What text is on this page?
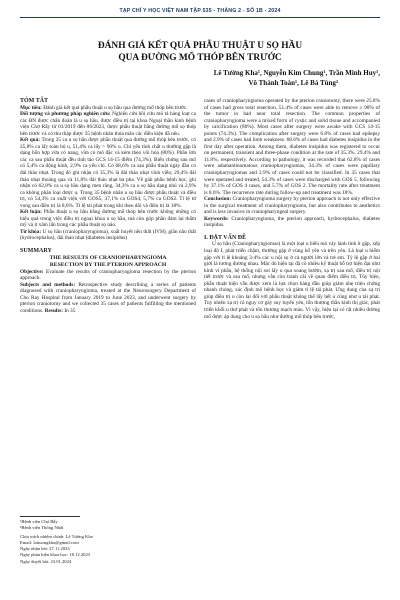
TẠP CHÍ Y HỌC VIỆT NAM TẬP 535 - THÁNG 2 - SỐ 1B - 2024
ĐÁNH GIÁ KẾT QUẢ PHẪU THUẬT U SỌ HẦU
QUA ĐƯỜNG MỔ THÓP BÊN TRƯỚC
Lê Tường Kha¹, Nguyễn Kim Chung¹, Trần Minh Huy¹,
Võ Thành Toàn¹, Lê Bá Tùng²

TÓM TẮT

Mục tiêu: Đánh giá kết quả phẫu thuật u sọ hầu qua đường mổ thóp bên trước.

Đối tượng và phương pháp nghiên cứu: Nghiên cứu hồi cứu mô tả hàng loạt ca các BN được chẩn đoán là u sọ hầu, được điều trị tại khoa Ngoại thần kinh bệnh viện Chợ Rẫy từ 01/2019 đến 06/2023, được phẫu thuật bằng đường mổ sọ thóp bên trước và có thu thập được 35 bệnh nhân thỏa mãn các điều kiện đã nêu.

Kết quả: Trong 35 ca u sọ hầu được phẫu thuật qua đường mổ thóp bên trước, có 25,8% ca lấy toàn bộ u, 51,4% ca lấy > 90% u. Chỉ yếu tính chất u thường gặp là dạng hỗn hợp vừa có nang, vừa có mô đặc và kèm theo vôi hóa (80%). Phần lớn các ca sau phẫu thuật đều tỉnh táo GCS 14-15 điểm (74,3%). Biến chứng sau mổ có 5,4% ca động kinh, 2,9% ca yếu chi. Có 68,6% ca sau phẫu thuật ngày đầu có đái tháo nhạt. Trong đó ghi nhận có 35,3% là đái tháo nhạt vĩnh viễn, 29,4% đái tháo nhạt thoáng qua và 11,8% đái tháo nhạt ba pha. Về giải phẫu bệnh học, ghi nhận có 62,8% ca u sọ hầu dạng men răng, 34,3% ca u sọ hầu dạng nhú và 2,9% ca không phân loại được u. Trong 35 bệnh nhân u sọ hầu được phẫu thuật và điều trị, có 54,3% ca xuất viện với GOS5, 37,1% ca GOS4, 5,7% ca GOS2. Tỉ lệ tử vong sau điều trị là 8,6%. Tỉ lệ tái phát trong khi theo dõi và điều trị là 18%.

Kết luận: Phẫu thuật u sọ hầu bằng đường mổ thóp bên trước không những có hiệu quả trong việc điều trị ngoại khoa u sọ hầu, mà còn góp phần đảm lại thẩm mỹ và ít xâm lấn trong các phẫu thuật sọ não.

Từ khóa: U sọ hầu (craniopharyngioma), xuất huyết nền thất (IVH), giãn não thất (hydrocephalus), đái tháo nhạt (diabetes insipidus)

SUMMARY

THE RESULTS OF CRANIOPHARYNGIOMA

RESECTION BY THE PTERION APPROACH

Objective: Evaluate the results of craniopharyngioma resection by the pterion approach.

Subjects and methods: Retrospective study describing a series of patients diagnosed with craniopharyngioma, treated at the Neurosurgery Department of Cho Ray Hospital from January 2019 to June 2023, and underwent surgery by pterion craniotomy and we collected 35 cases of patients fulfilling the mentioned conditions. Results: In 35

¹Bệnh viện Chợ Rẫy
²Bệnh viện Thống Nhất
Chịu trách nhiệm chính: Lê Tường Kha
Email: lattuongkha@gmail.com
Ngày nhận bài: 27.11.2023
Ngày phản biện khoa học: 18.12.2023
Ngày duyệt bài: 23.01.2024

cases of craniopharyngioma operated by the pterion craniotomy, there were 25.8% of cases had gross total resection, 51.4% of cases were able to remove ≥ 90% of the tumor in had near total resection. The common properties of craniopharyngioma were a mixed form of cystic and solid tissue and accompanied by calcification (80%). Most cases after surgery were awake with GCS 14-15 points (74.3%). The complication after surgery were 6.8% of cases had epilepsy and 2.9% of cases had limb weakness. 68.6% of cases had diabetes insipidus in the first day after operation. Among them, diabetes insipidus was registered to occur on permanent, transient and three-phase condition at the rate of 35.3%, 29.4% and 11.8%, respectively. According to pathology, it was recorded that 62.8% of cases were adamantinomatous craniopharyngiomas, 34.3% of cases were papillary craniopharyngiomas and 2.9% of cases could not be classified. In 35 cases that were operated and treated, 54.3% of cases were discharged with GOS 5, following by 37.1% of GOS 4 cases, and 5.7% of GOS 2. The mortality rate after treatment is 8.6%. The recurrence rate during follow-up and treatment was 18%.

Conclusion: Craniopharyngioma surgery by pterion approach is not only effective in the surgical treatment of craniopharyngioma, but also contributes to aesthetics and is less invasive in craniopharyngeal surgery.

Keywords: Craniopharyngioma, the pterion approach, hydrocephalus, diabetes insipidus.

I. ĐẶT VẤN ĐỀ

U sọ hầu (Craniopharyngiomas) là một loại u biểu mô vảy lành tính ít gặp, xếp loại độ I, phát triển chậm, thường gặp ở vùng hố yên và trên yên. Là loại u hiếm gặp với tỉ lệ khoảng 3-4% các u nội sọ ở cả người lớn và trẻ em. Tỷ lệ gặp ở hai giới là tương đương nhau. Mặc dù hiện tại đã có nhiều kỹ thuật hỗ trợ hiện đại như kính vi phẫu, hệ thống nội soi lấy u qua xoang bướm, xạ trị sau mổ, điều trị nội tiết trước và sau mổ, nhưng vẫn còn tranh cãi về quan điểm điều trị. Tùy hiện, phẫu thuật hiện vẫn được xem là lựa chọn hàng đầu giúp giảm nhẹ triệu chứng nhanh chóng, xác định mô bệnh học và giảm tỉ lệ tái phát. Ưng dụng của xạ trị giúp điều trị u còn lại đối với phẫu thuật không thể lấy hết u cũng như u tái phát. Tuy nhiên xạ trị có nguy cơ gây suy tuyến yên, tổn thương thần kinh thị giác, phát triển khối u thứ phát và tổn thương mạch máu. Vì vậy, hiện tại có rất nhiều đường mổ được áp dụng cho u sọ hầu như đường mổ thóp bên trước,
